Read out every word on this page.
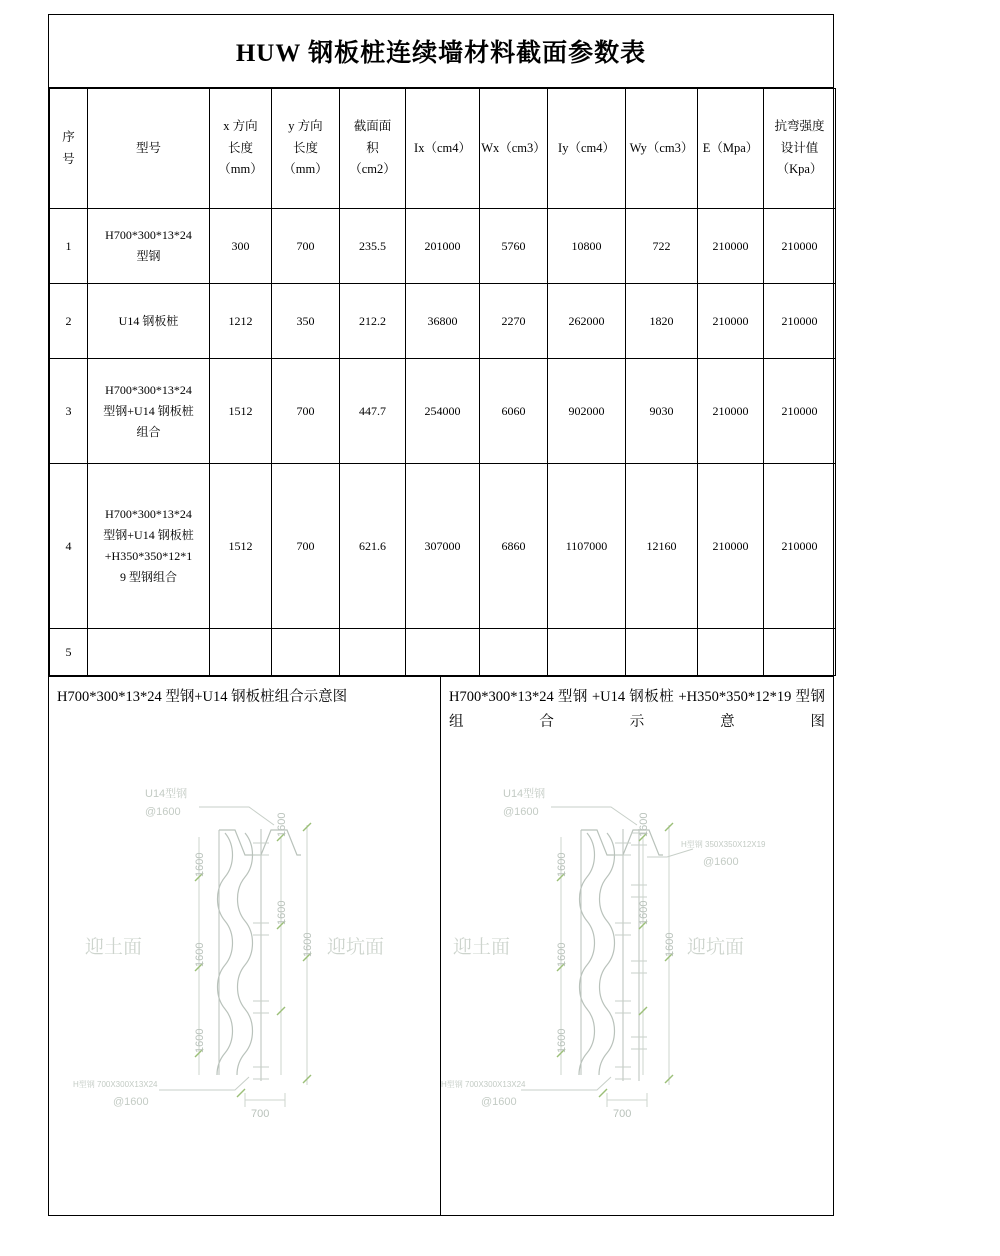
HUW 钢板桩连续墙材料截面参数表
序
号	型号	x 方向
长度
（mm）	y 方向
长度
（mm）	截面面
积
（cm2）	Ix（cm4）	Wx（cm3）	Iy（cm4）	Wy（cm3）	E（Mpa）	抗弯强度
设计值
（Kpa）

1	H700*300*13*24
型钢	300	700	235.5	201000	5760	10800	722	210000	210000
2	U14 钢板桩	1212	350	212.2	36800	2270	262000	1820	210000	210000
3	H700*300*13*24
型钢+U14 钢板桩
组合	1512	700	447.7	254000	6060	902000	9030	210000	210000
4	H700*300*13*24
型钢+U14 钢板桩
+H350*350*12*1
9 型钢组合	1512	700	621.6	307000	6860	1107000	12160	210000	210000
5										
H700*300*13*24 型钢+U14 钢板桩组合示意图
U14型钢
@1600
迎土面	迎坑面
1600
1600
1600
1600
1600
1600
H型钢 700X300X13X24
@1600
700
H700*300*13*24 型钢 +U14 钢板桩 +H350*350*12*19 型钢组合示意图
U14型钢
@1600
H型钢 350X350X12X19
@1600
迎土面	迎坑面
1600
1600
1600
1600
1600
1600
H型钢 700X300X13X24
@1600
700
